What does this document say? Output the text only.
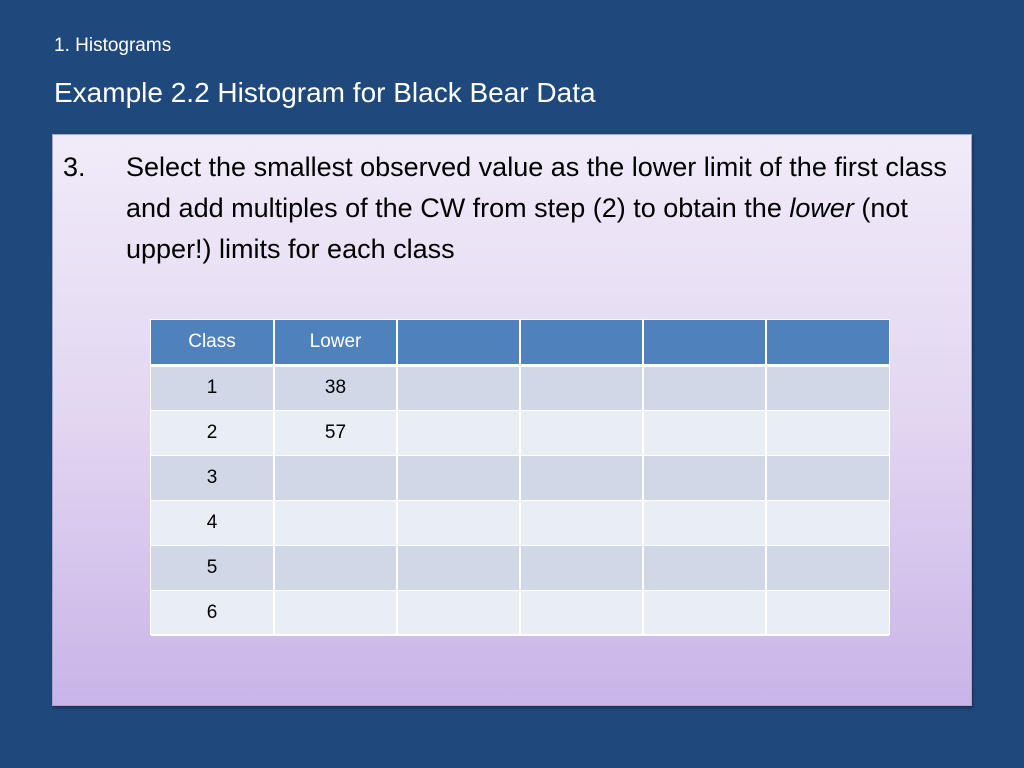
1. Histograms
Example 2.2 Histogram for Black Bear Data
3. Select the smallest observed value as the lower limit of the first class and add multiples of the CW from step (2) to obtain the lower (not upper!) limits for each class
Class	Lower				
1	38				
2	57				
3					
4					
5					
6					
